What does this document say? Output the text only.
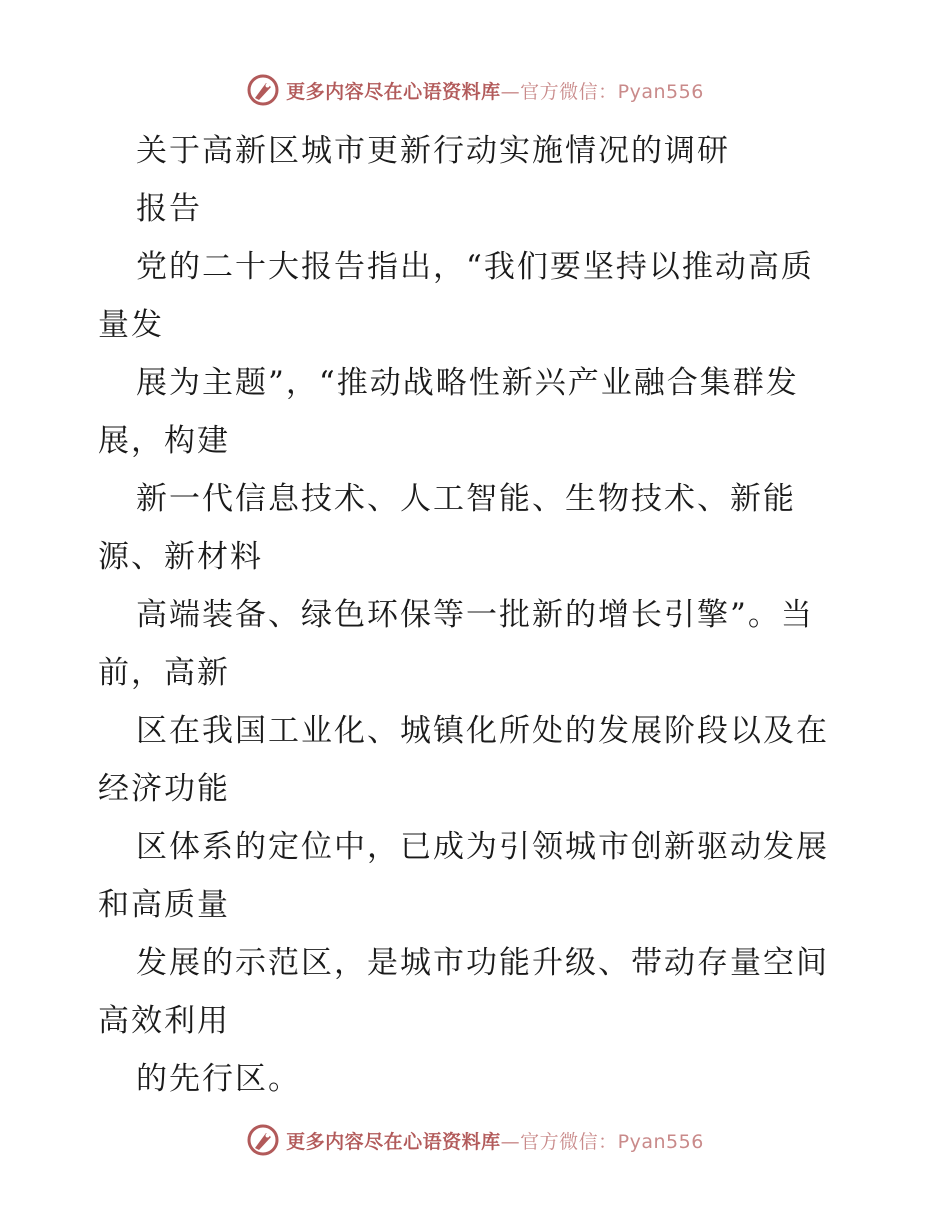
更多内容尽在心语资料库—官方微信：Pyan556
关于高新区城市更新行动实施情况的调研
报告
党的二十大报告指出，“我们要坚持以推动高质
量发
展为主题”，“推动战略性新兴产业融合集群发
展，构建
新一代信息技术、人工智能、生物技术、新能
源、新材料
高端装备、绿色环保等一批新的增长引擎”。当
前，高新
区在我国工业化、城镇化所处的发展阶段以及在
经济功能
区体系的定位中，已成为引领城市创新驱动发展
和高质量
发展的示范区，是城市功能升级、带动存量空间
高效利用
的先行区。
更多内容尽在心语资料库—官方微信：Pyan556
